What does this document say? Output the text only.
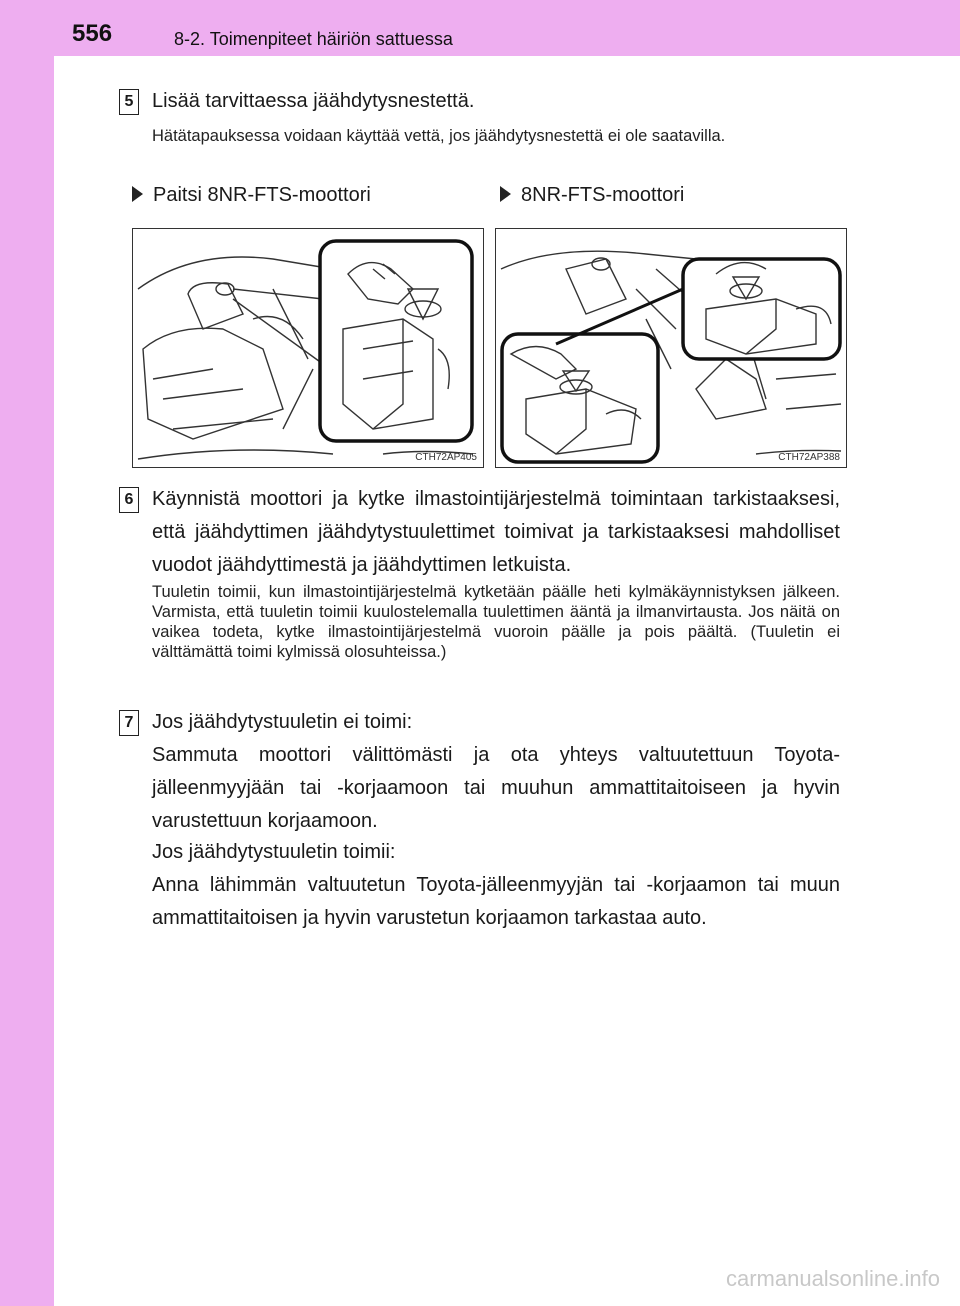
556	8-2. Toimenpiteet häiriön sattuessa
5 Lisää tarvittaessa jäähdytysnestettä.
Hätätapauksessa voidaan käyttää vettä, jos jäähdytysnestettä ei ole saatavilla.
Paitsi 8NR-FTS-moottori	8NR-FTS-moottori
CTH72AP405	CTH72AP388
6 Käynnistä moottori ja kytke ilmastointijärjestelmä toimintaan tarkistaaksesi, että jäähdyttimen jäähdytystuulettimet toimivat ja tarkistaaksesi mahdolliset vuodot jäähdyttimestä ja jäähdyttimen letkuista.
Tuuletin toimii, kun ilmastointijärjestelmä kytketään päälle heti kylmäkäynnistyksen jälkeen. Varmista, että tuuletin toimii kuulostelemalla tuulettimen ääntä ja ilmanvirtausta. Jos näitä on vaikea todeta, kytke ilmastointijärjestelmä vuoroin päälle ja pois päältä. (Tuuletin ei välttämättä toimi kylmissä olosuhteissa.)
7 Jos jäähdytystuuletin ei toimi:
Sammuta moottori välittömästi ja ota yhteys valtuutettuun Toyota-jälleenmyyjään tai -korjaamoon tai muuhun ammattitaitoiseen ja hyvin varustettuun korjaamoon.
Jos jäähdytystuuletin toimii:
Anna lähimmän valtuutetun Toyota-jälleenmyyjän tai -korjaamon tai muun ammattitaitoisen ja hyvin varustetun korjaamon tarkastaa auto.
carmanualsonline.info
